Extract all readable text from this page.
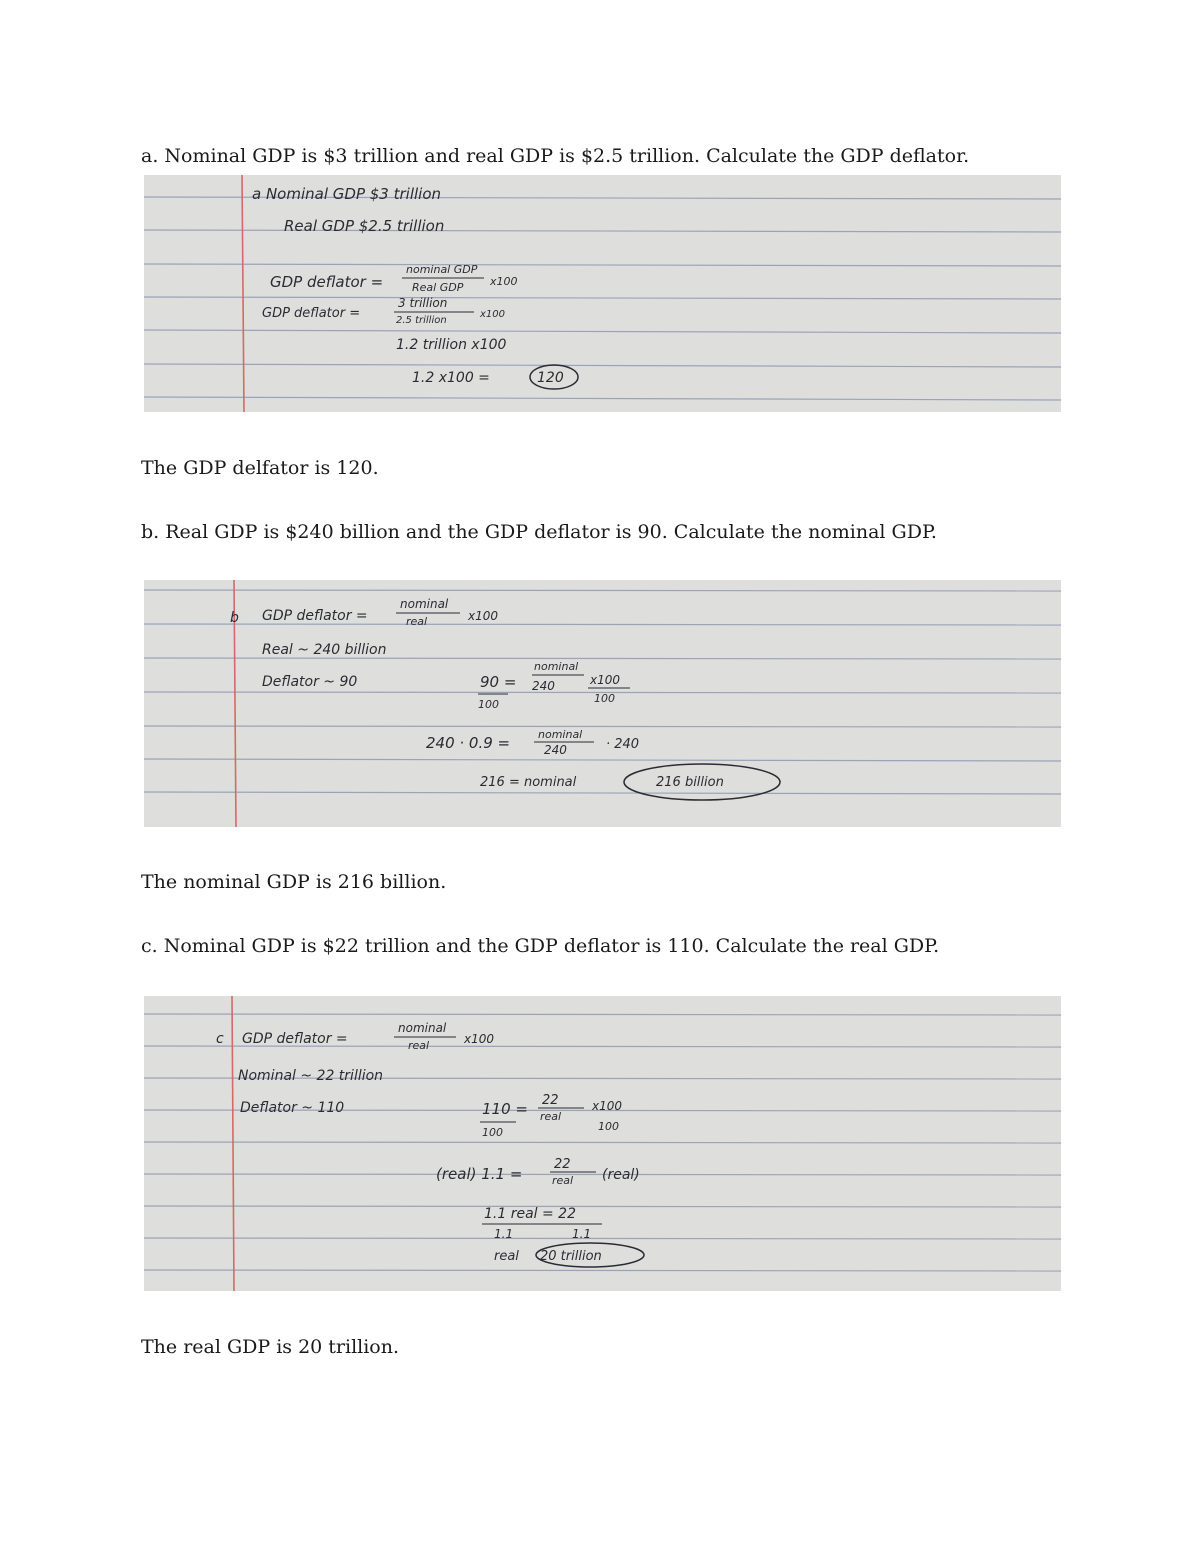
a. Nominal GDP is $3 trillion and real GDP is $2.5 trillion. Calculate the GDP deflator.

a Nominal GDP $3 trillion
Real GDP $2.5 trillion
GDP deflator =
nominal GDP
Real GDP x100
GDP deflator =
3 trillion
2.5 trillion
x100
1.2 trillion x100
1.2 x100 =	120

The GDP delfator is 120.

b. Real GDP is $240 billion and the GDP deflator is 90. Calculate the nominal GDP.

b GDP deflator =
nominal
real	x100
Real ~ 240 billion
Deflator ~ 90
nominal
90 = 240	x100
100	100
240 · 0.9 =	nominal
240	· 240
216 = nominal	216 billion

The nominal GDP is 216 billion.

c. Nominal GDP is $22 trillion and the GDP deflator is 110. Calculate the real GDP.

c GDP deflator =
nominal
real	x100
Nominal ~ 22 trillion
Deflator ~ 110	110 = 22
real
x100
100	100
(real) 1.1 =
22
real (real)
1.1 real = 22
1.1	1.1
real 20 trillion

The real GDP is 20 trillion.
